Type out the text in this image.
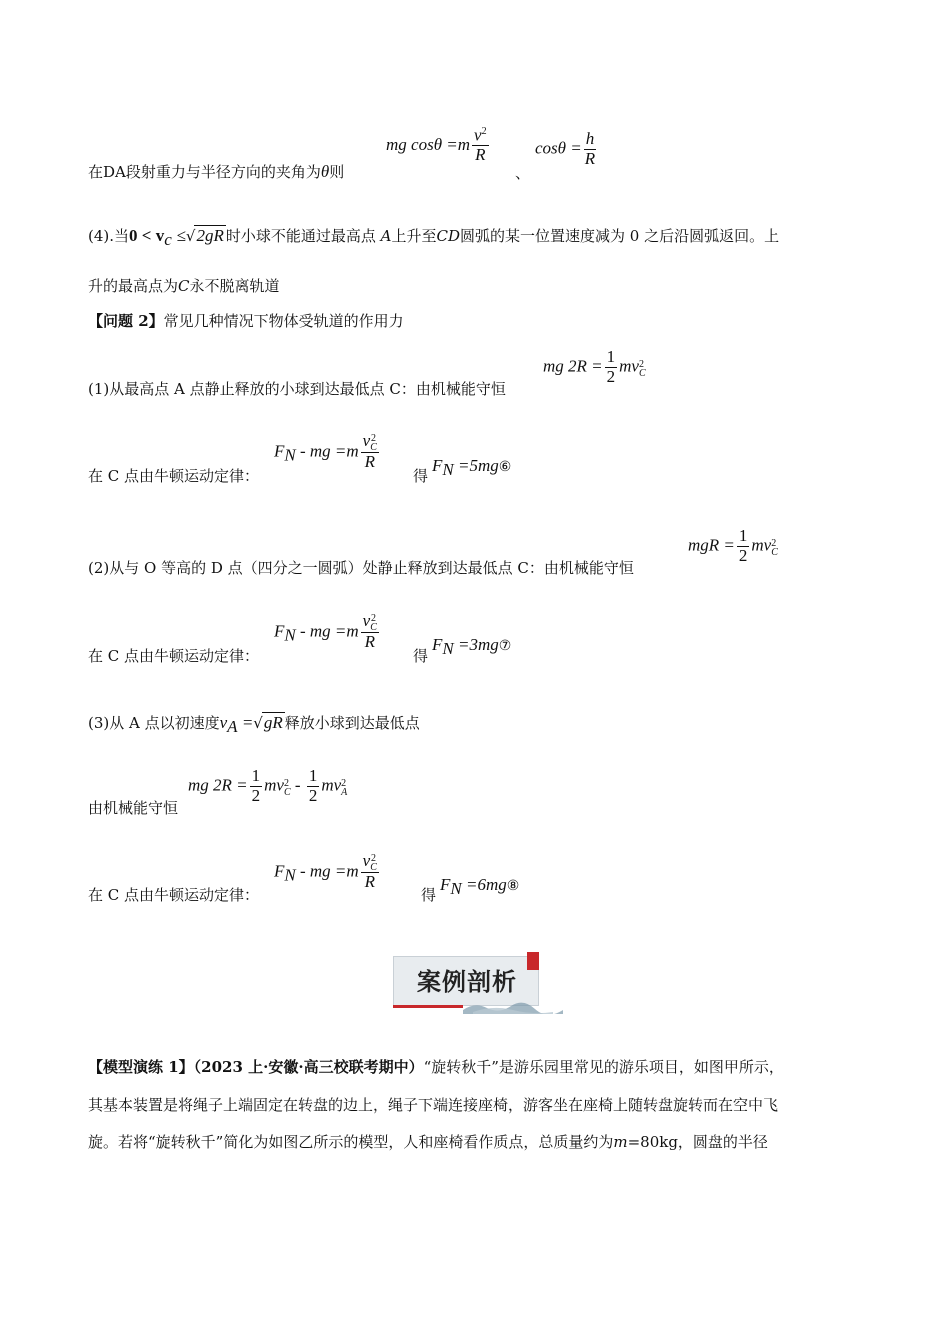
在DA段射重力与半径方向的夹角为θ则
mg $\cos\theta =m \frac{v^2}{R}$
、
$\cos\theta = \frac{h}{R}$
(4).当$0 < v_c \le√2gR$ 时小球不能通过最高点 A上升至CD圆弧的某一位置速度减为 0 之后沿圆弧返回。上
升的最高点为C永不脱离轨道
【问题 2】常见几种情况下物体受轨道的作用力
(1)从最高点 A 点静止释放的小球到达最低点 C：由机械能守恒
mg $2R = \frac{1}{2}$ mv 2
C
在 C 点由牛顿运动定律：
$F_N$ - mg =m v 2
C
R
得
$F_N$ =5mg⑥
(2)从与 O 等高的 D 点（四分之一圆弧）处静止释放到达最低点 C：由机械能守恒
mgR = $\frac{1}{2}$ mv 2
C
在 C 点由牛顿运动定律：
$F_N$ - mg =m v 2
C
R
得
$F_N$ =3mg⑦
(3)从 A 点以初速度$v_A =√gR$ 释放小球到达最低点
由机械能守恒
mg $2R = \frac{1}{2}$ mv 2
C - $\frac{1}{2}$ mv 2
A
在 C 点由牛顿运动定律：
$F_N$ - mg =m v 2
C
R
得
$F_N$ =6mg⑧
案例剖析
【模型演练 1】（2023 上·安徽·高三校联考期中）“旋转秋千”是游乐园里常见的游乐项目，如图甲所示，
其基本装置是将绳子上端固定在转盘的边上，绳子下端连接座椅，游客坐在座椅上随转盘旋转而在空中飞
旋。若将“旋转秋千”简化为如图乙所示的模型，人和座椅看作质点，总质量约为m=80kg，圆盘的半径
